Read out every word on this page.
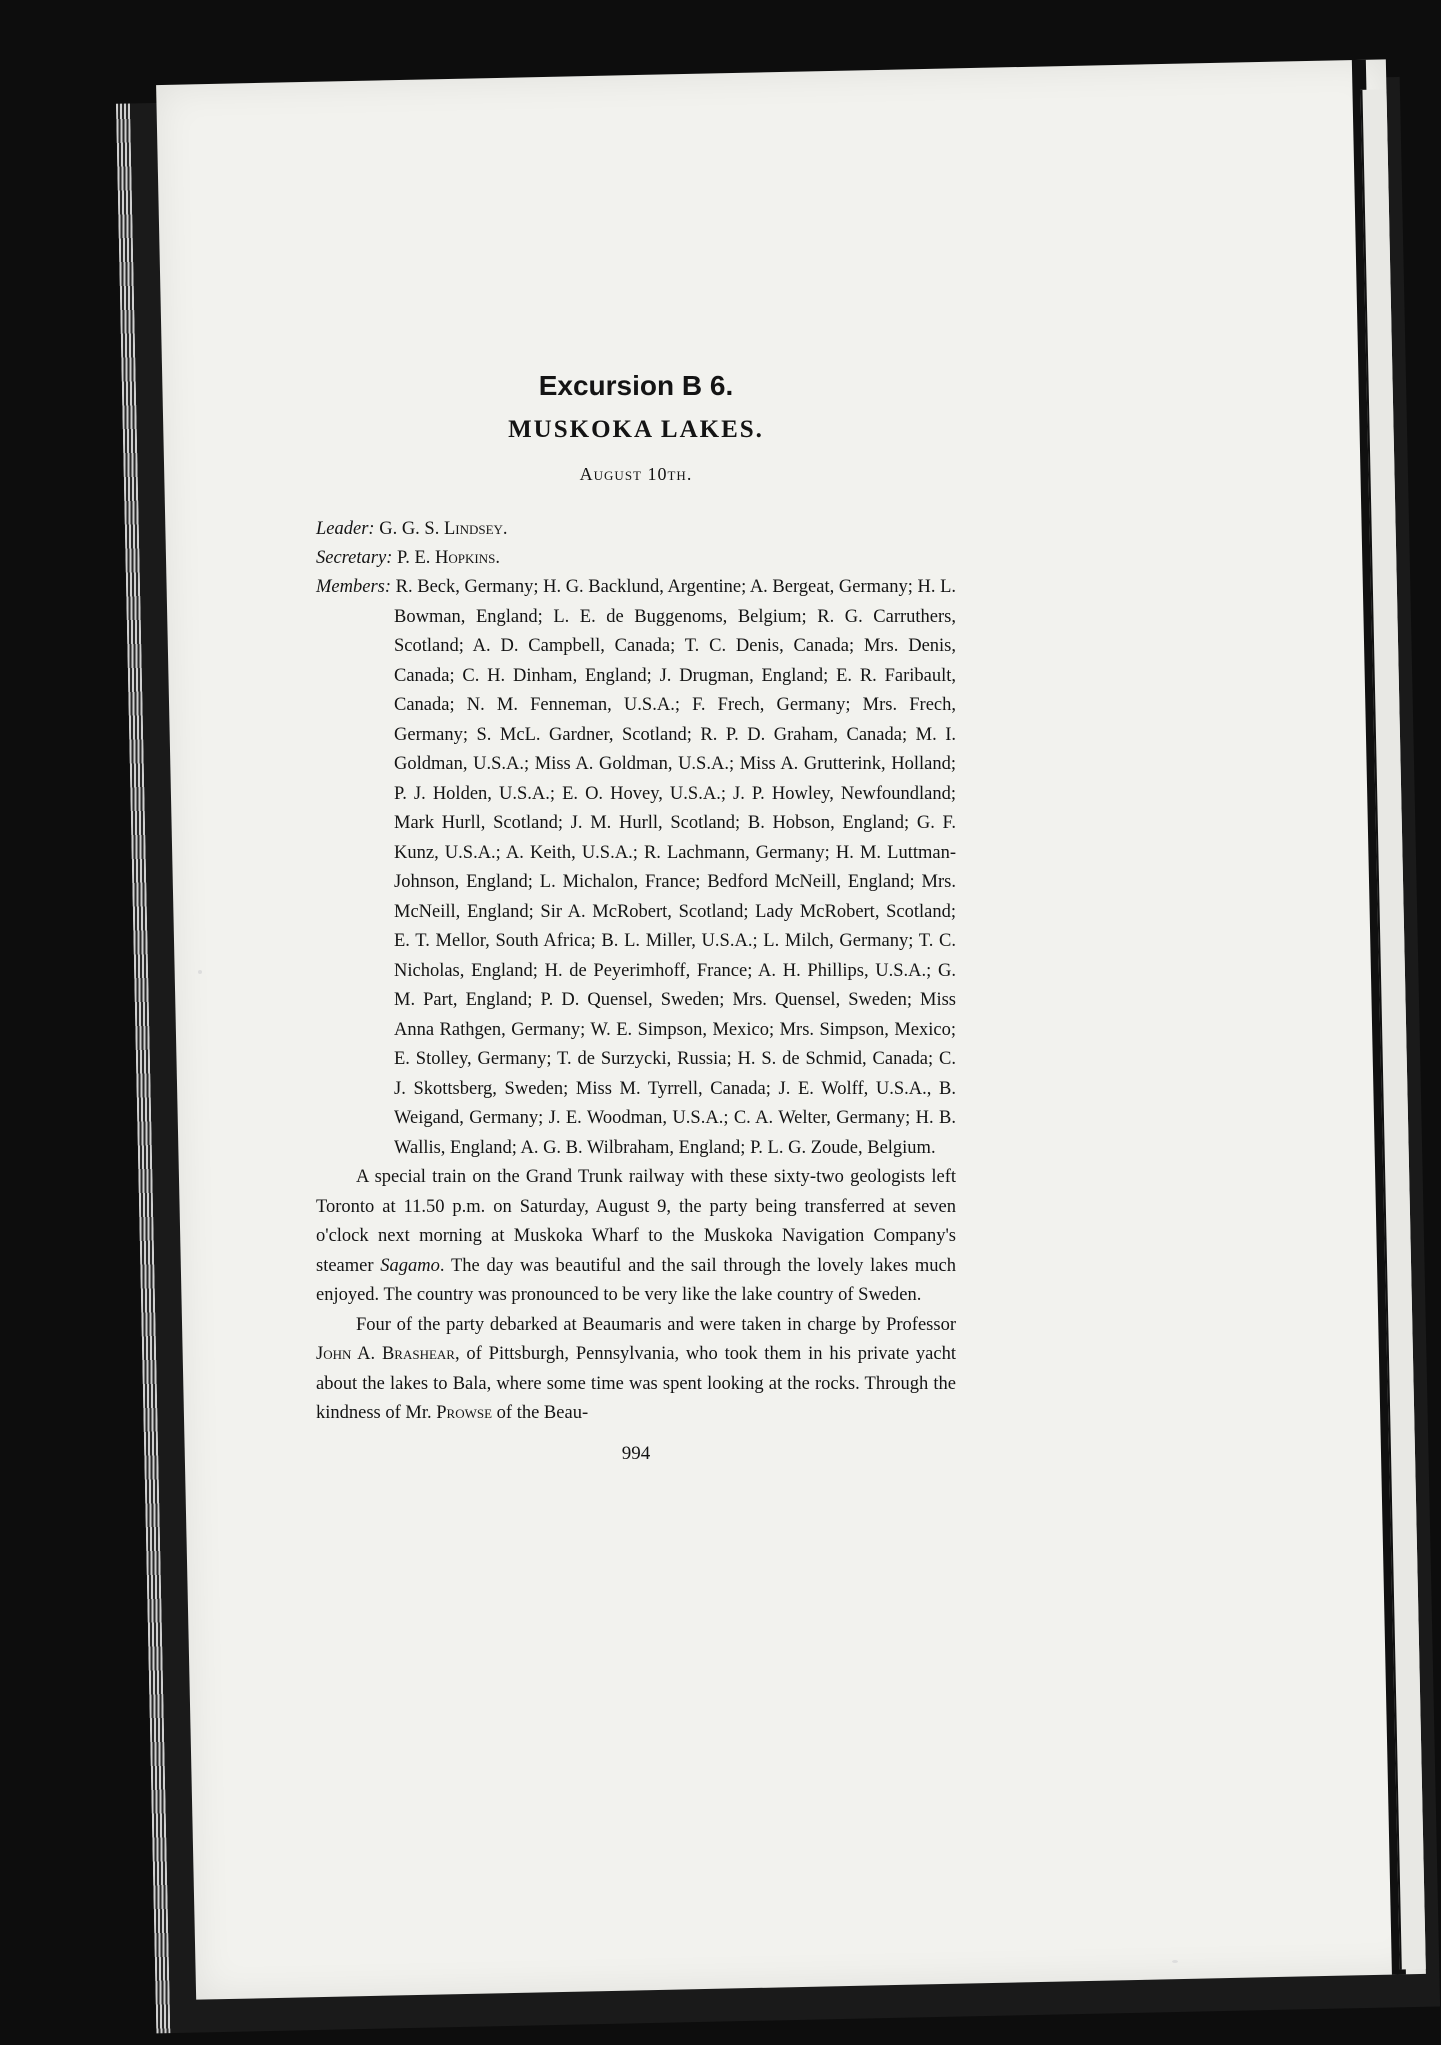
Excursion B 6.
MUSKOKA LAKES.
August 10th.

Leader: G. G. S. Lindsey.

Secretary: P. E. Hopkins.

Members: R. Beck, Germany; H. G. Backlund, Argentine; A. Bergeat, Germany; H. L. Bowman, England; L. E. de Buggenoms, Belgium; R. G. Carruthers, Scotland; A. D. Campbell, Canada; T. C. Denis, Canada; Mrs. Denis, Canada; C. H. Dinham, England; J. Drugman, England; E. R. Faribault, Canada; N. M. Fenneman, U.S.A.; F. Frech, Germany; Mrs. Frech, Germany; S. McL. Gardner, Scotland; R. P. D. Graham, Canada; M. I. Goldman, U.S.A.; Miss A. Goldman, U.S.A.; Miss A. Grutterink, Holland; P. J. Holden, U.S.A.; E. O. Hovey, U.S.A.; J. P. Howley, Newfoundland; Mark Hurll, Scotland; J. M. Hurll, Scotland; B. Hobson, England; G. F. Kunz, U.S.A.; A. Keith, U.S.A.; R. Lachmann, Germany; H. M. Luttman-Johnson, England; L. Michalon, France; Bedford McNeill, England; Mrs. McNeill, England; Sir A. McRobert, Scotland; Lady McRobert, Scotland; E. T. Mellor, South Africa; B. L. Miller, U.S.A.; L. Milch, Germany; T. C. Nicholas, England; H. de Peyerimhoff, France; A. H. Phillips, U.S.A.; G. M. Part, England; P. D. Quensel, Sweden; Mrs. Quensel, Sweden; Miss Anna Rathgen, Germany; W. E. Simpson, Mexico; Mrs. Simpson, Mexico; E. Stolley, Germany; T. de Surzycki, Russia; H. S. de Schmid, Canada; C. J. Skottsberg, Sweden; Miss M. Tyrrell, Canada; J. E. Wolff, U.S.A., B. Weigand, Germany; J. E. Woodman, U.S.A.; C. A. Welter, Germany; H. B. Wallis, England; A. G. B. Wilbraham, England; P. L. G. Zoude, Belgium.

A special train on the Grand Trunk railway with these sixty-two geologists left Toronto at 11.50 p.m. on Saturday, August 9, the party being transferred at seven o'clock next morning at Muskoka Wharf to the Muskoka Navigation Company's steamer Sagamo. The day was beautiful and the sail through the lovely lakes much enjoyed. The country was pronounced to be very like the lake country of Sweden.

Four of the party debarked at Beaumaris and were taken in charge by Professor John A. Brashear, of Pittsburgh, Pennsylvania, who took them in his private yacht about the lakes to Bala, where some time was spent looking at the rocks. Through the kindness of Mr. Prowse of the Beau-

994
